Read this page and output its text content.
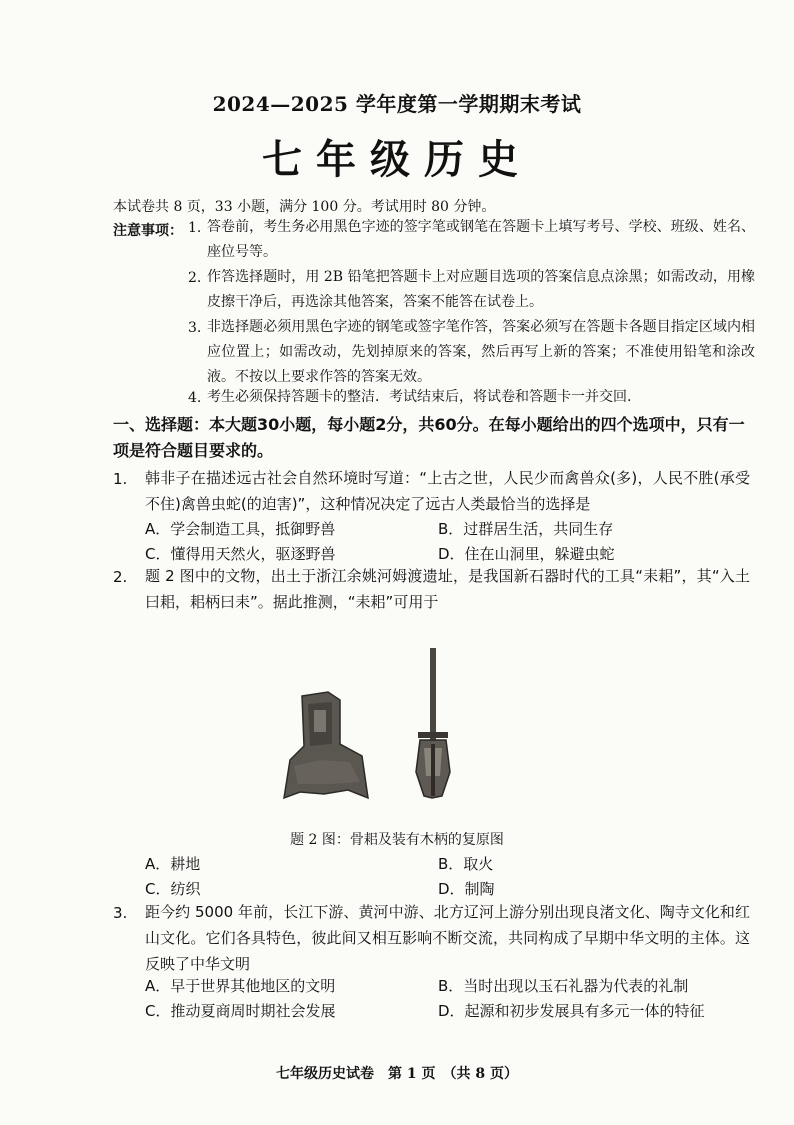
2024—2025 学年度第一学期期末考试
七年级历史
本试卷共 8 页，33 小题，满分 100 分。考试用时 80 分钟。
注意事项： 1. 答卷前，考生务必用黑色字迹的签字笔或钢笔在答题卡上填写考号、学校、班级、姓名、座位号等。
2. 作答选择题时，用 2B 铅笔把答题卡上对应题目选项的答案信息点涂黑；如需改动，用橡皮擦干净后，再选涂其他答案，答案不能答在试卷上。
3. 非选择题必须用黑色字迹的钢笔或签字笔作答，答案必须写在答题卡各题目指定区域内相应位置上；如需改动，先划掉原来的答案，然后再写上新的答案；不准使用铅笔和涂改液。不按以上要求作答的答案无效。
4. 考生必须保持答题卡的整洁．考试结束后，将试卷和答题卡一并交回.
一、选择题：本大题30小题，每小题2分，共60分。在每小题给出的四个选项中，只有一项是符合题目要求的。
1. 韩非子在描述远古社会自然环境时写道：“上古之世，人民少而禽兽众(多)，人民不胜(承受不住)禽兽虫蛇(的迫害)”，这种情况决定了远古人类最恰当的选择是
A．学会制造工具，抵御野兽	B．过群居生活，共同生存
C．懂得用天然火，驱逐野兽	D．住在山洞里，躲避虫蛇
2. 题 2 图中的文物，出土于浙江余姚河姆渡遗址，是我国新石器时代的工具“耒耜”，其“入土曰耜，耜柄曰耒”。据此推测，“耒耜”可用于
题 2 图：骨耜及装有木柄的复原图
A．耕地	B．取火
C．纺织	D．制陶
3. 距今约 5000 年前，长江下游、黄河中游、北方辽河上游分别出现良渚文化、陶寺文化和红山文化。它们各具特色，彼此间又相互影响不断交流，共同构成了早期中华文明的主体。这反映了中华文明
A．早于世界其他地区的文明	B．当时出现以玉石礼器为代表的礼制
C．推动夏商周时期社会发展	D．起源和初步发展具有多元一体的特征
七年级历史试卷　第 1 页　（共 8 页）
